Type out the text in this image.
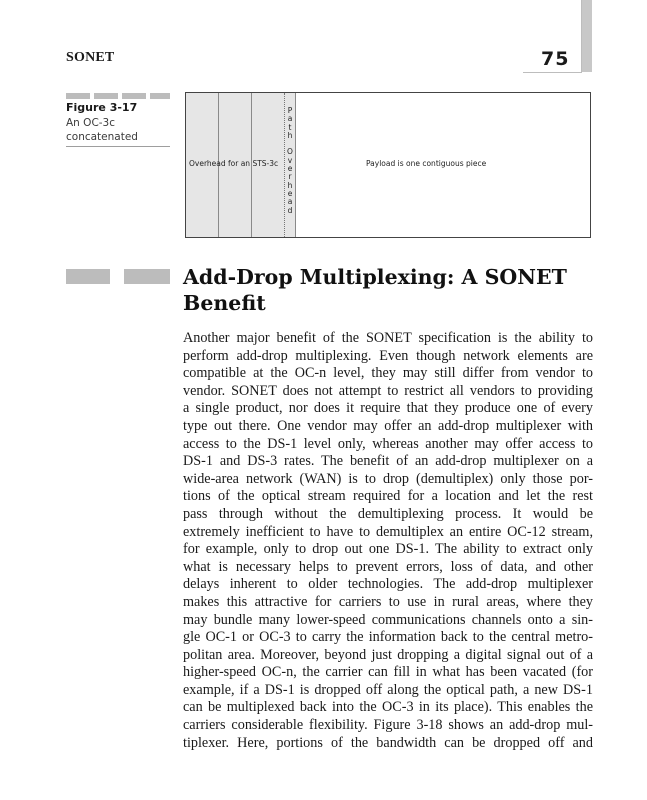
SONET	75
Figure 3-17
An OC-3c
concatenated
P
a
t
h

O
v
e
r
h
e
a
d
Overhead for an STS-3c	Payload is one contiguous piece
Add-Drop Multiplexing: A SONET
Benefit
Another major benefit of the SONET specification is the ability to
perform add-drop multiplexing. Even though network elements are
compatible at the OC-n level, they may still differ from vendor to
vendor. SONET does not attempt to restrict all vendors to providing
a single product, nor does it require that they produce one of every
type out there. One vendor may offer an add-drop multiplexer with
access to the DS-1 level only, whereas another may offer access to
DS-1 and DS-3 rates. The benefit of an add-drop multiplexer on a
wide-area network (WAN) is to drop (demultiplex) only those por-
tions of the optical stream required for a location and let the rest
pass through without the demultiplexing process. It would be
extremely inefficient to have to demultiplex an entire OC-12 stream,
for example, only to drop out one DS-1. The ability to extract only
what is necessary helps to prevent errors, loss of data, and other
delays inherent to older technologies. The add-drop multiplexer
makes this attractive for carriers to use in rural areas, where they
may bundle many lower-speed communications channels onto a sin-
gle OC-1 or OC-3 to carry the information back to the central metro-
politan area. Moreover, beyond just dropping a digital signal out of a
higher-speed OC-n, the carrier can fill in what has been vacated (for
example, if a DS-1 is dropped off along the optical path, a new DS-1
can be multiplexed back into the OC-3 in its place). This enables the
carriers considerable flexibility. Figure 3-18 shows an add-drop mul-
tiplexer. Here, portions of the bandwidth can be dropped off and
